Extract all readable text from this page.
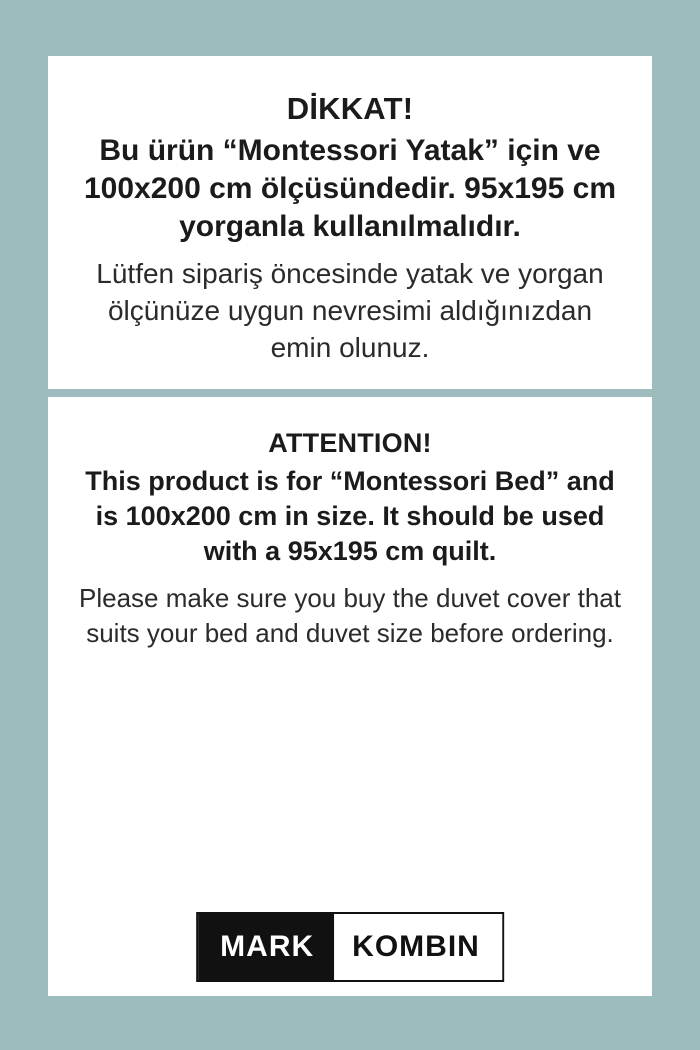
DİKKAT!

Bu ürün “Montessori Yatak” için ve 100x200 cm ölçüsündedir. 95x195 cm yorganla kullanılmalıdır.

Lütfen sipariş öncesinde yatak ve yorgan ölçünüze uygun nevresimi aldığınızdan emin olunuz.

ATTENTION!

This product is for “Montessori Bed” and is 100x200 cm in size. It should be used with a 95x195 cm quilt.

Please make sure you buy the duvet cover that suits your bed and duvet size before ordering.

MARK	KOMBIN
